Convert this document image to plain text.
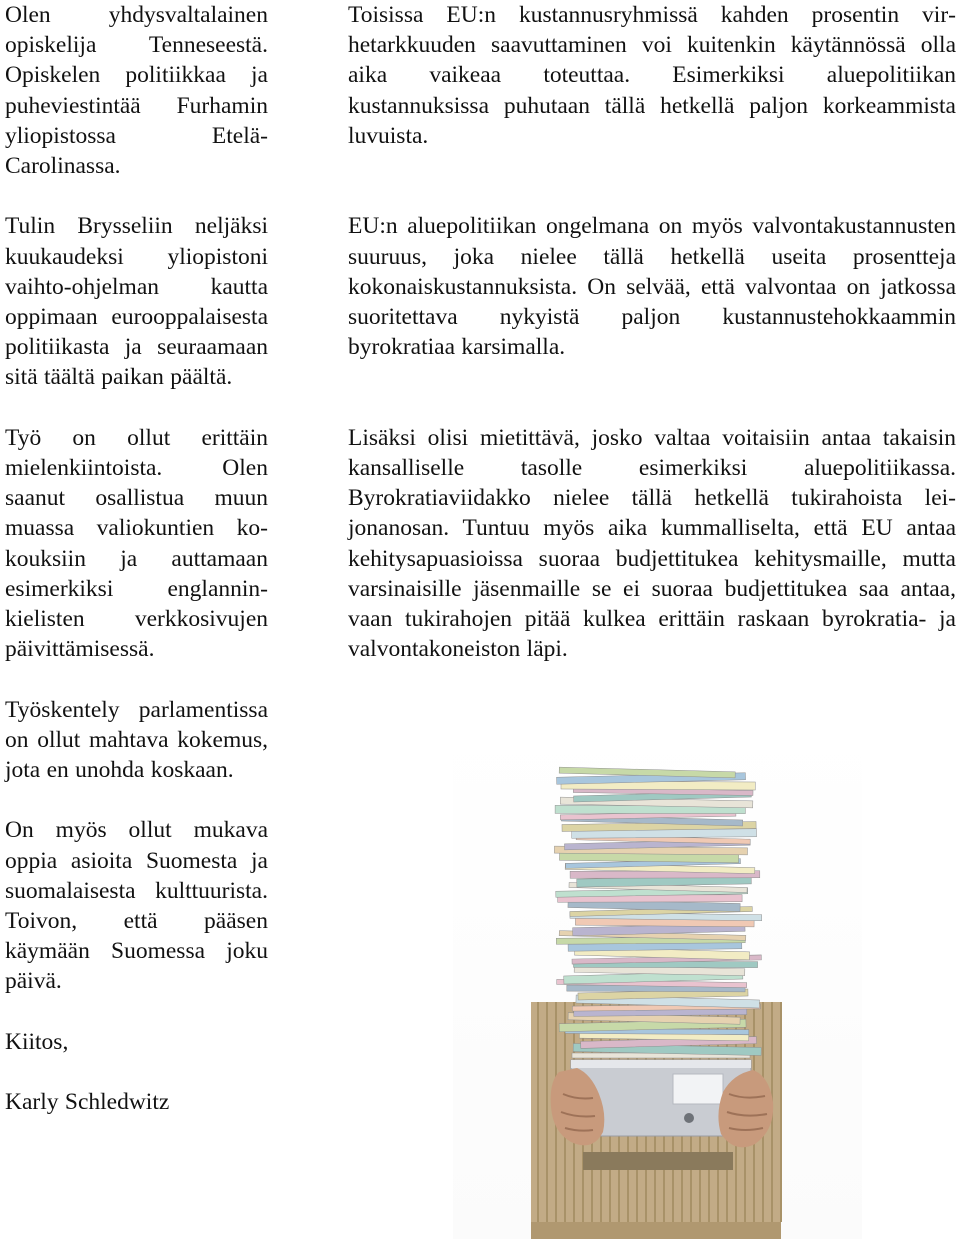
Olen yhdysvaltalainen opiskelija Tenneseestä. Opiskelen politiikkaa ja puheviestintää Furhamin yliopistossa Etelä-Carolinassa.

Tulin Brysseliin neljäksi kuukaudeksi yliopistoni vaihto-ohjelman kautta oppimaan eurooppalaisesta politiikasta ja seuraamaan sitä täältä paikan päältä.

Työ on ollut erittäin mielenkiintoista. Olen saanut osallistua muun muassa valiokuntien kokouksiin ja auttamaan esimerkiksi englanninkielisten verkkosivujen päivittämisessä.

Työskentely parlamentissa on ollut mahtava kokemus, jota en unohda koskaan.

On myös ollut mukava oppia asioita Suomesta ja suomalaisesta kulttuurista. Toivon, että pääsen käymään Suomessa joku päivä.

Kiitos,

Karly Schledwitz

Toisissa EU:n kustannusryhmissä kahden prosentin virhetarkkuuden saavuttaminen voi kuitenkin käytännössä olla aika vaikeaa toteuttaa. Esimerkiksi aluepolitiikan kustannuksissa puhutaan tällä hetkellä paljon korkeammista luvuista.

EU:n aluepolitiikan ongelmana on myös valvontakustannusten suuruus, joka nielee tällä hetkellä useita prosentteja kokonaiskustannuksista. On selvää, että valvontaa on jatkossa suoritettava nykyistä paljon kustannustehokkaammin byrokratiaa karsimalla.

Lisäksi olisi mietittävä, josko valtaa voitaisiin antaa takaisin kansalliselle tasolle esimerkiksi aluepolitiikassa. Byrokratiaviidakko nielee tällä hetkellä tukirahoista leijonanosan. Tuntuu myös aika kummalliselta, että EU antaa kehitysapuasioissa suoraa budjettitukea kehitysmaille, mutta varsinaisille jäsenmaille se ei suoraa budjettitukea saa antaa, vaan tukirahojen pitää kulkea erittäin raskaan byrokratia- ja valvontakoneiston läpi.
